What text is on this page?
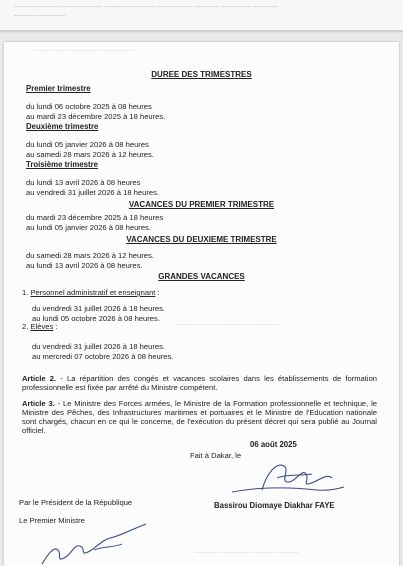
──── ───── ──────── ─── ─────── ─────── ───── ────── ─────
──── ──────
─── ─── ────── ───────
───── ─── ────── ──────
DUREE DES TRIMESTRES
Premier trimestre
du lundi 06 octobre 2025 à 08 heures
au mardi 23 décembre 2025 à 18 heures.
Deuxième trimestre
du lundi 05 janvier 2026 à 08 heures
au samedi 28 mars 2026 à 12 heures.
Troisième trimestre
du lundi 13 avril 2026 à 08 heures
au vendredi 31 juillet 2026 à 18 heures.
VACANCES DU PREMIER TRIMESTRE
du mardi 23 décembre 2025 à 18 heures
au lundi 05 janvier 2026 à 08 heures.
VACANCES DU DEUXIEME TRIMESTRE
du samedi 28 mars 2026 à 12 heures.
au lundi 13 avril 2026 à 08 heures.
GRANDES VACANCES
1. Personnel administratif et enseignant :
du vendredi 31 juillet 2026 à 18 heures.
au lundi 05 octobre 2026 à 08 heures.
2. Elèves :
du vendredi 31 juillet 2026 à 18 heures.
au mercredi 07 octobre 2026 à 08 heures.
Article 2. - La répartition des congés et vacances scolaires dans les établissements de formation professionnelle est fixée par arrêté du Ministre compétent.
Article 3. - Le Ministre des Forces armées, le Ministre de la Formation professionnelle et technique, le Ministre des Pêches, des Infrastructures maritimes et portuaires et le Ministre de l'Education nationale sont chargés, chacun en ce qui le concerne, de l'exécution du présent décret qui sera publié au Journal officiel.
06 août 2025
Fait à Dakar, le
Bassirou Diomaye Diakhar FAYE
Par le Président de la République
Le Premier Ministre
───── ────── ──── ─────
